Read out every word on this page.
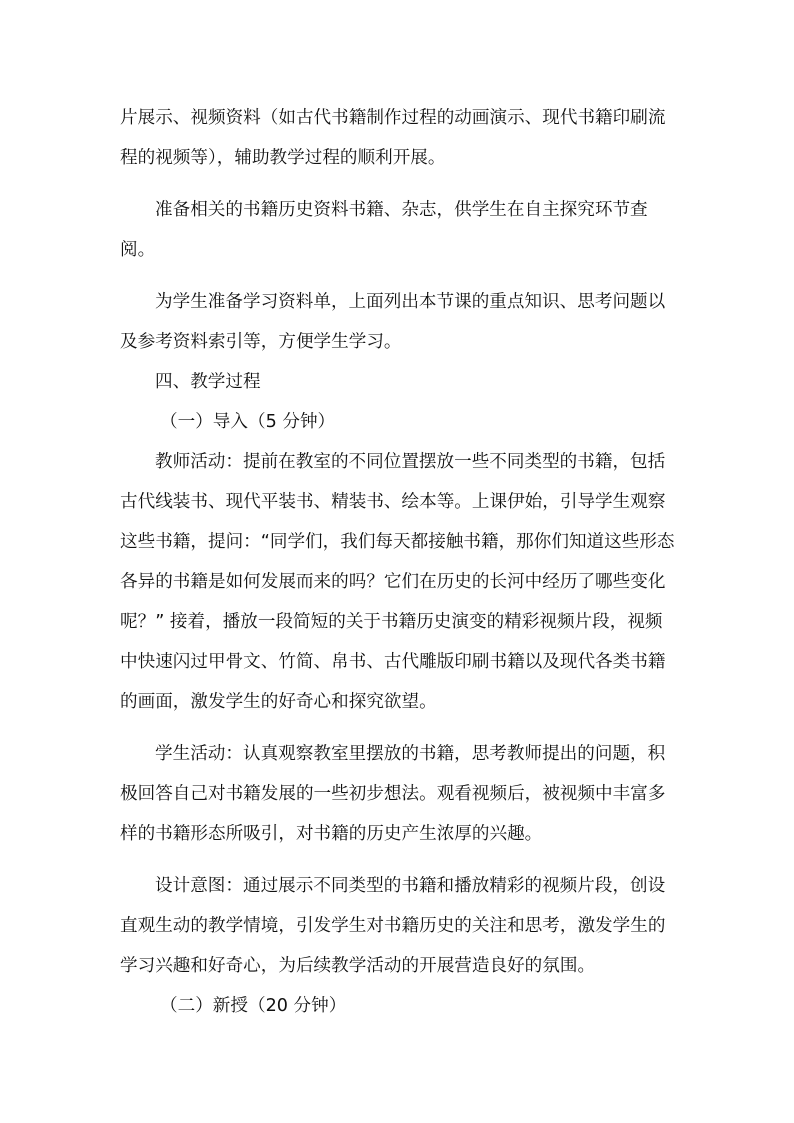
片展示、视频资料（如古代书籍制作过程的动画演示、现代书籍印刷流程的视频等），辅助教学过程的顺利开展。

准备相关的书籍历史资料书籍、杂志，供学生在自主探究环节查阅。

为学生准备学习资料单，上面列出本节课的重点知识、思考问题以及参考资料索引等，方便学生学习。

四、教学过程

（一）导入（5 分钟）

教师活动：提前在教室的不同位置摆放一些不同类型的书籍，包括古代线装书、现代平装书、精装书、绘本等。上课伊始，引导学生观察这些书籍，提问：“同学们，我们每天都接触书籍，那你们知道这些形态各异的书籍是如何发展而来的吗？它们在历史的长河中经历了哪些变化呢？” 接着，播放一段简短的关于书籍历史演变的精彩视频片段，视频中快速闪过甲骨文、竹简、帛书、古代雕版印刷书籍以及现代各类书籍的画面，激发学生的好奇心和探究欲望。

学生活动：认真观察教室里摆放的书籍，思考教师提出的问题，积极回答自己对书籍发展的一些初步想法。观看视频后，被视频中丰富多样的书籍形态所吸引，对书籍的历史产生浓厚的兴趣。

设计意图：通过展示不同类型的书籍和播放精彩的视频片段，创设直观生动的教学情境，引发学生对书籍历史的关注和思考，激发学生的学习兴趣和好奇心，为后续教学活动的开展营造良好的氛围。

（二）新授（20 分钟）
